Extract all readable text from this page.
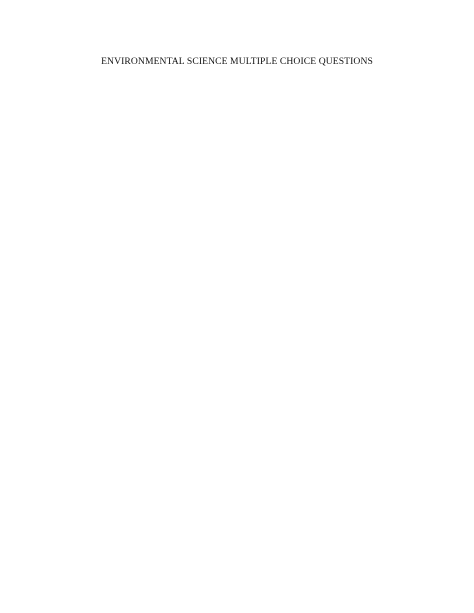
ENVIRONMENTAL SCIENCE MULTIPLE CHOICE QUESTIONS
